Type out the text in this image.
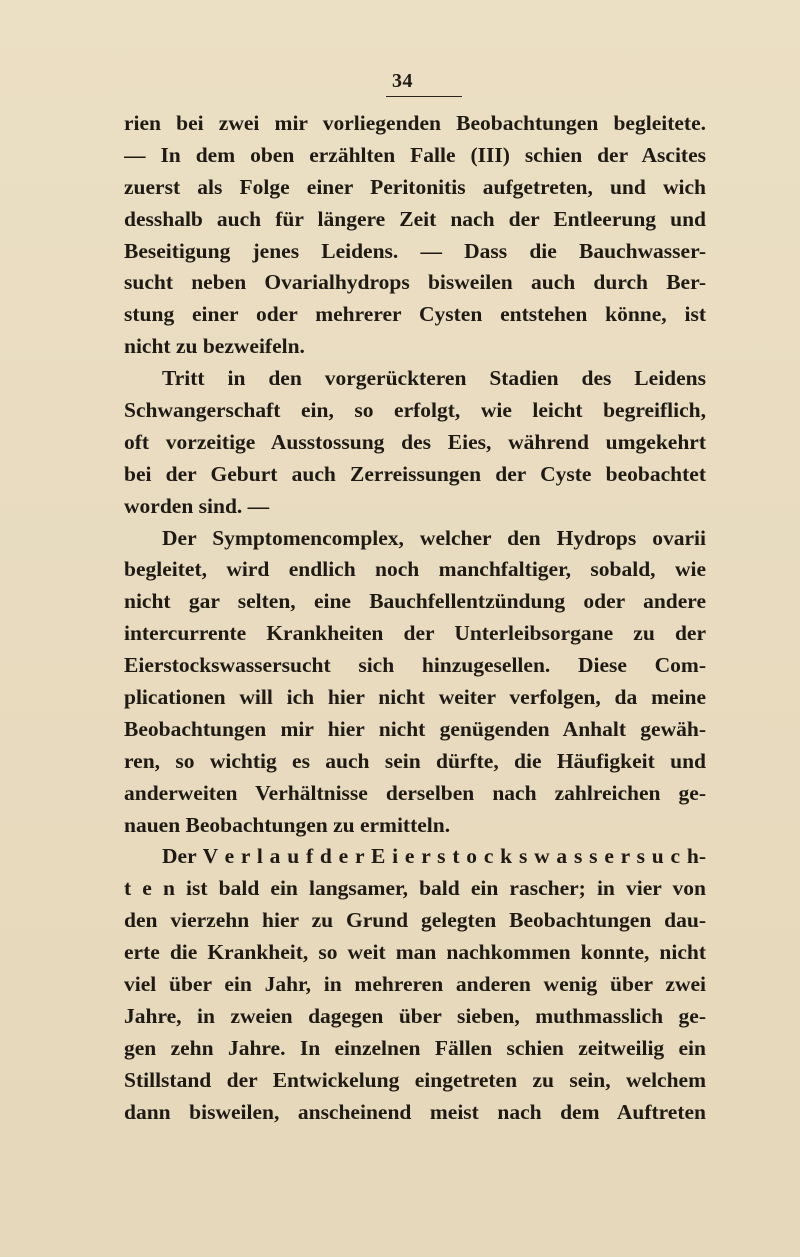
34
rien bei zwei mir vorliegenden Beobachtungen begleitete.
— In dem oben erzählten Falle (III) schien der Ascites
zuerst als Folge einer Peritonitis aufgetreten, und wich
desshalb auch für längere Zeit nach der Entleerung und
Beseitigung jenes Leidens. — Dass die Bauchwasser-
sucht neben Ovarialhydrops bisweilen auch durch Ber-
stung einer oder mehrerer Cysten entstehen könne, ist
nicht zu bezweifeln.
Tritt in den vorgerückteren Stadien des Leidens
Schwangerschaft ein, so erfolgt, wie leicht begreiflich,
oft vorzeitige Ausstossung des Eies, während umgekehrt
bei der Geburt auch Zerreissungen der Cyste beobachtet
worden sind. —
Der Symptomencomplex, welcher den Hydrops ovarii
begleitet, wird endlich noch manchfaltiger, sobald, wie
nicht gar selten, eine Bauchfellentzündung oder andere
intercurrente Krankheiten der Unterleibsorgane zu der
Eierstockswassersucht sich hinzugesellen. Diese Com-
plicationen will ich hier nicht weiter verfolgen, da meine
Beobachtungen mir hier nicht genügenden Anhalt gewäh-
ren, so wichtig es auch sein dürfte, die Häufigkeit und
anderweiten Verhältnisse derselben nach zahlreichen ge-
nauen Beobachtungen zu ermitteln.
Der V e r l a u f d e r E i e r s t o c k s w a s s e r s u c h-
t e n ist bald ein langsamer, bald ein rascher; in vier von
den vierzehn hier zu Grund gelegten Beobachtungen dau-
erte die Krankheit, so weit man nachkommen konnte, nicht
viel über ein Jahr, in mehreren anderen wenig über zwei
Jahre, in zweien dagegen über sieben, muthmasslich ge-
gen zehn Jahre. In einzelnen Fällen schien zeitweilig ein
Stillstand der Entwickelung eingetreten zu sein, welchem
dann bisweilen, anscheinend meist nach dem Auftreten
